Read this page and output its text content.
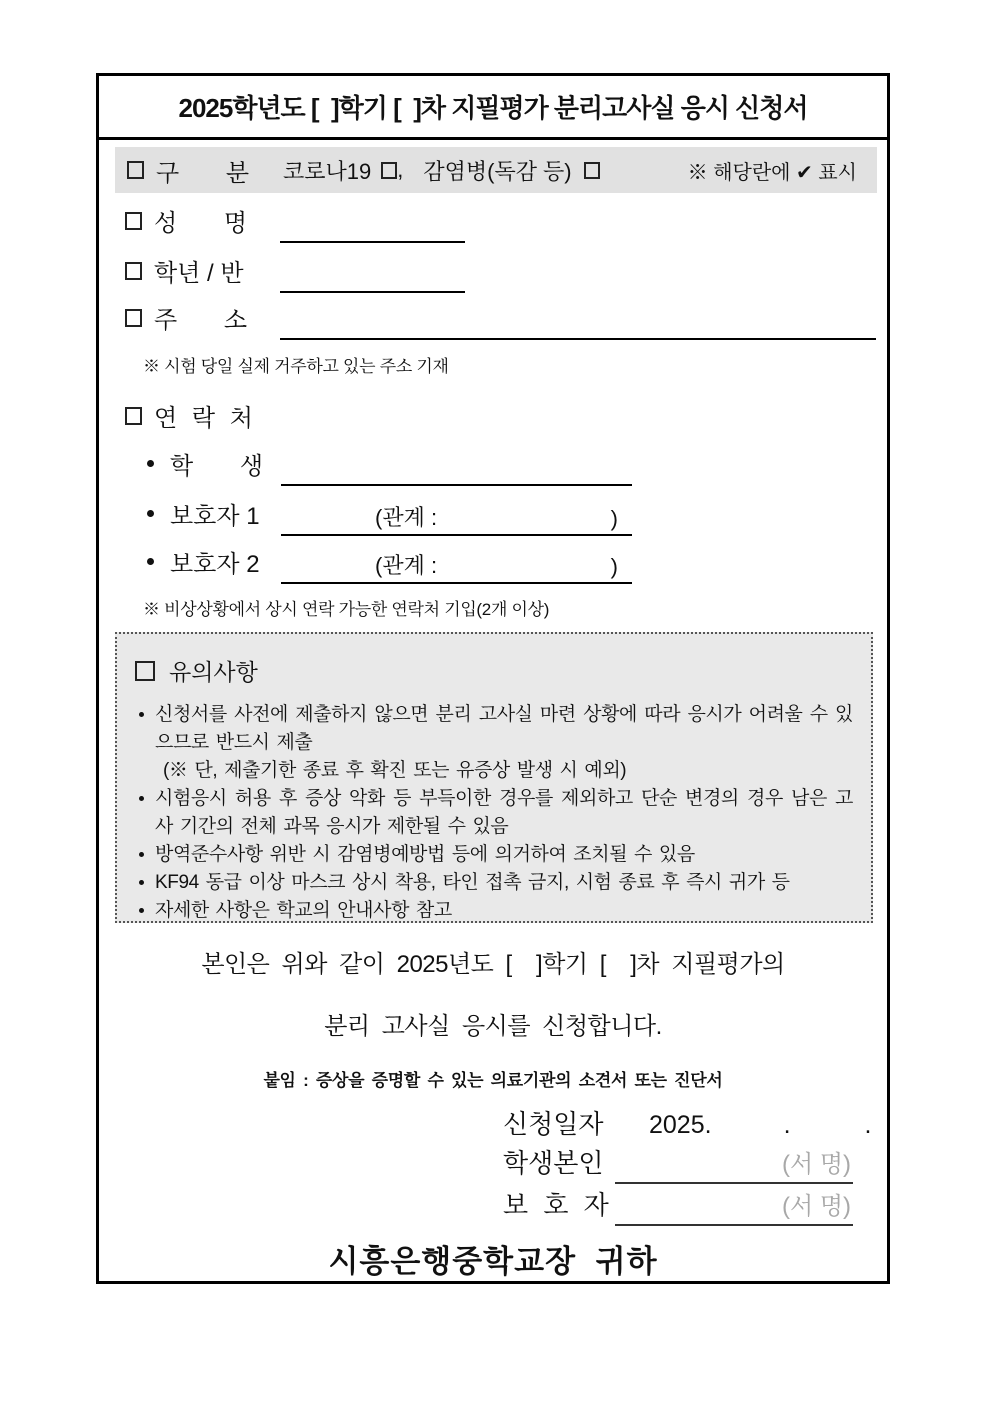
2025학년도 [  ]학기 [  ]차 지필평가 분리고사실 응시 신청서
구 분 코로나19 , 감염병(독감 등)	※ 해당란에 ✔ 표시
성 명
학년 / 반
주 소
※ 시험 당일 실제 거주하고 있는 주소 기재
연 락 처
학 생
보호자 1	(관계 :	)
보호자 2	(관계 :	)
※ 비상상황에서 상시 연락 가능한 연락처 기입(2개 이상)
유의사항
신청서를 사전에 제출하지 않으면 분리 고사실 마련 상황에 따라 응시가 어려울 수 있으므로 반드시 제출
(※ 단, 제출기한 종료 후 확진 또는 유증상 발생 시 예외)
시험응시 허용 후 증상 악화 등 부득이한 경우를 제외하고 단순 변경의 경우 남은 고사 기간의 전체 과목 응시가 제한될 수 있음
방역준수사항 위반 시 감염병예방법 등에 의거하여 조치될 수 있음
KF94 동급 이상 마스크 상시 착용, 타인 접촉 금지, 시험 종료 후 즉시 귀가 등
자세한 사항은 학교의 안내사항 참고
본인은 위와 같이 2025년도 [  ]학기 [  ]차 지필평가의
분리 고사실 응시를 신청합니다.
붙임 : 증상을 증명할 수 있는 의료기관의 소견서 또는 진단서
신청일자	2025.	.	.
학생본인	(서 명)
보 호 자	(서 명)
시흥은행중학교장 귀하
